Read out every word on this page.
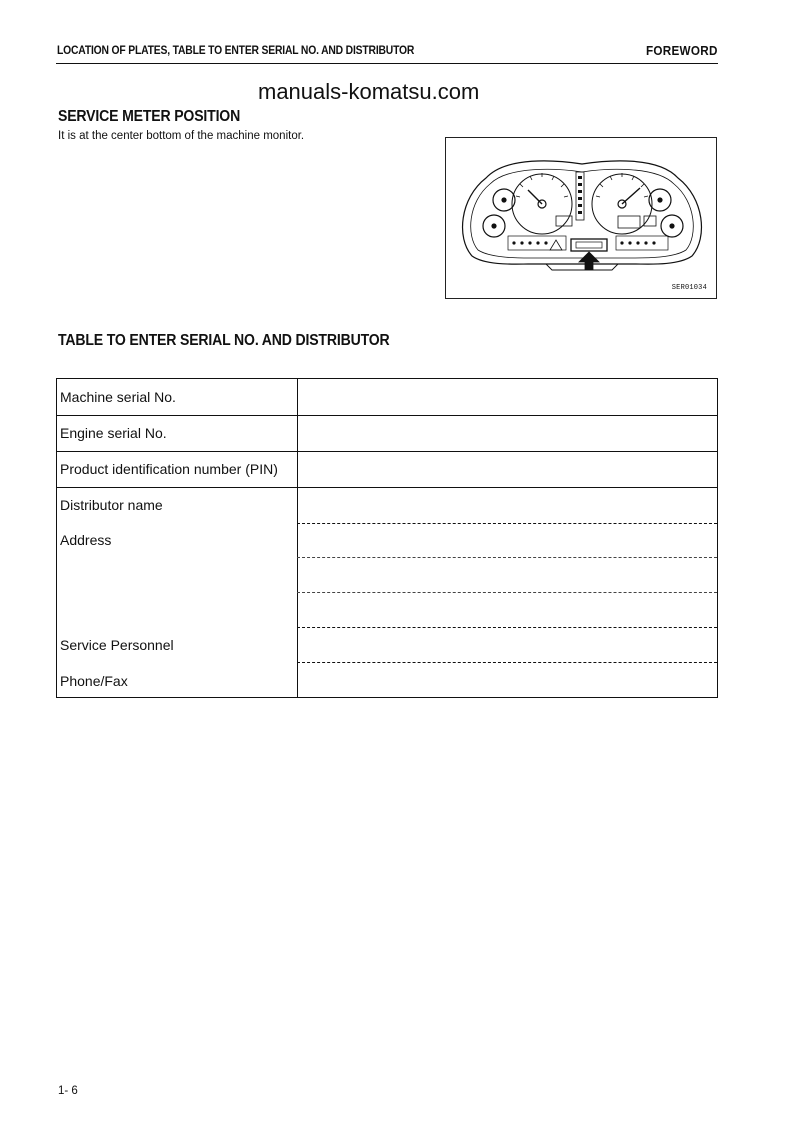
LOCATION OF PLATES, TABLE TO ENTER SERIAL NO. AND DISTRIBUTOR	FOREWORD
manuals-komatsu.com
SERVICE METER POSITION
It is at the center bottom of the machine monitor.
SER01034
TABLE TO ENTER SERIAL NO. AND DISTRIBUTOR
Machine serial No.
Engine serial No.
Product identification number (PIN)
Distributor name
Address
Service Personnel
Phone/Fax
1- 6
